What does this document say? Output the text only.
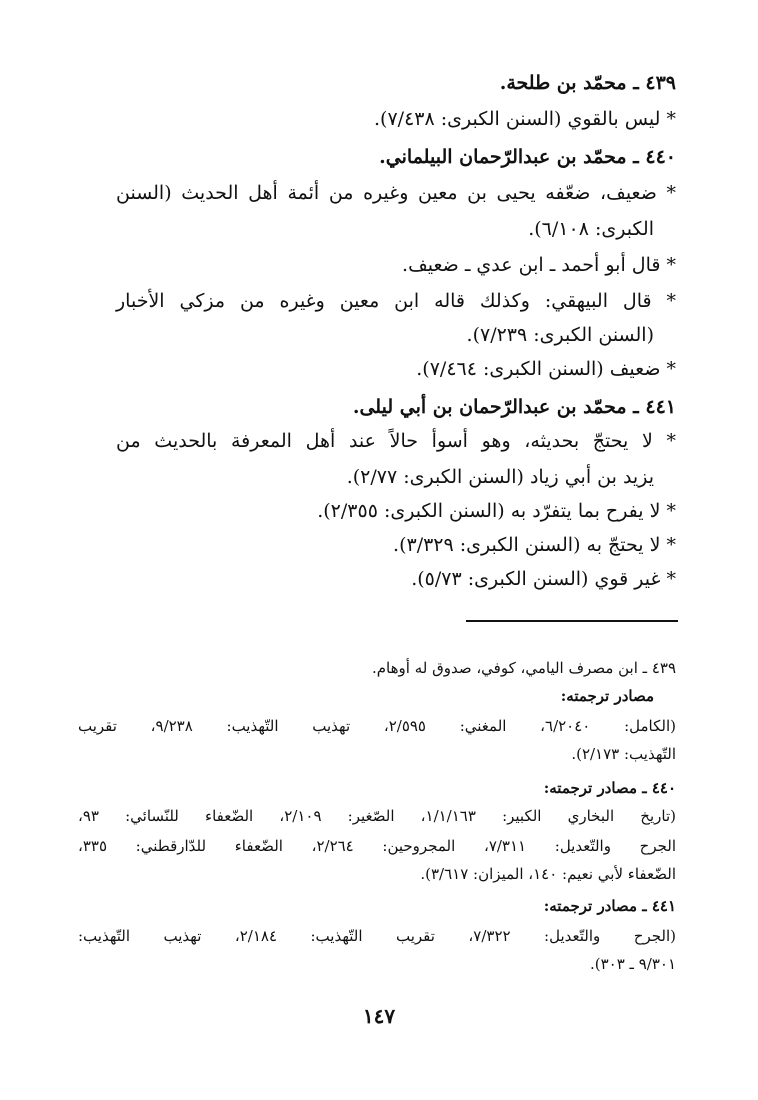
٤٣٩ ـ محمّد بن طلحة.
* ليس بالقوي (السنن الكبرى: ٧/٤٣٨).
٤٤٠ ـ محمّد بن عبدالرّحمان البيلماني.
* ضعيف، ضعّفه يحيى بن معين وغيره من أئمة أهل الحديث (السنن
الكبرى: ٦/١٠٨).
* قال أبو أحمد ـ ابن عدي ـ ضعيف.
* قال البيهقي: وكذلك قاله ابن معين وغيره من مزكي الأخبار
(السنن الكبرى: ٧/٢٣٩).
* ضعيف (السنن الكبرى: ٧/٤٦٤).
٤٤١ ـ محمّد بن عبدالرّحمان بن أبي ليلى.
* لا يحتجّ بحديثه، وهو أسوأ حالاً عند أهل المعرفة بالحديث من
يزيد بن أبي زياد (السنن الكبرى: ٢/٧٧).
* لا يفرح بما يتفرّد به (السنن الكبرى: ٢/٣٥٥).
* لا يحتجّ به (السنن الكبرى: ٣/٣٢٩).
* غير قوي (السنن الكبرى: ٥/٧٣).
٤٣٩ ـ ابن مصرف اليامي، كوفي، صدوق له أوهام.
مصادر ترجمته:
(الكامل: ٦/٢٠٤٠، المغني: ٢/٥٩٥، تهذيب التّهذيب: ٩/٢٣٨، تقريب
التّهذيب: ٢/١٧٣).
٤٤٠ ـ مصادر ترجمته:
(تاريخ البخاري الكبير: ١/١/١٦٣، الصّغير: ٢/١٠٩، الضّعفاء للنّسائي: ٩٣،
الجرح والتّعديل: ٧/٣١١، المجروحين: ٢/٢٦٤، الضّعفاء للدّارقطني: ٣٣٥،
الضّعفاء لأبي نعيم: ١٤٠، الميزان: ٣/٦١٧).
٤٤١ ـ مصادر ترجمته:
(الجرح والتّعديل: ٧/٣٢٢، تقريب التّهذيب: ٢/١٨٤، تهذيب التّهذيب:
٩/٣٠١ ـ ٣٠٣).
١٤٧
